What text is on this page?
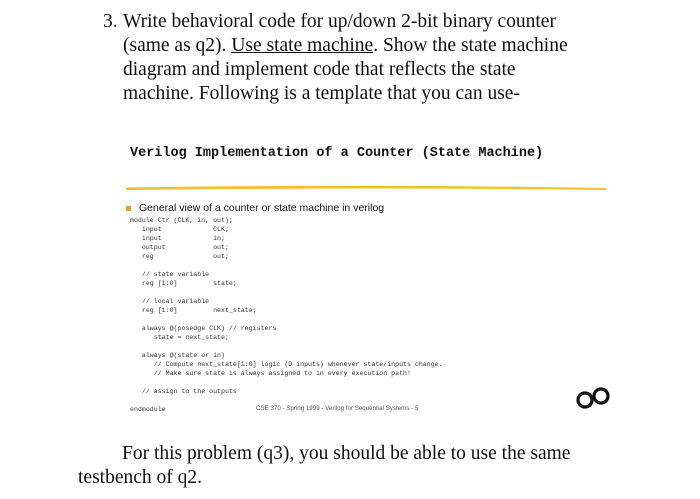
3. Write behavioral code for up/down 2-bit binary counter
(same as q2). Use state machine. Show the state machine
diagram and implement code that reflects the state
machine. Following is a template that you can use-
Verilog Implementation of a Counter (State Machine)
General view of a counter or state machine in verilog
module Ctr (CLK, in, out);
input             CLK;
input             in;
output            out;
reg               out;

// state variable
reg [1:0]         state;

// local variable
reg [1:0]         next_state;

always @(posedge CLK) // registers
state = next_state;

always @(state or in)
// Compute next_state[1:0] logic (D inputs) whenever state/inputs change.
// Make sure state is always assigned to in every execution path!

// assign to the outputs

endmodule	CSE 370 - Spring 1999 - Verilog for Sequential Systems - 5
For this problem (q3), you should be able to use the same
testbench of q2.
